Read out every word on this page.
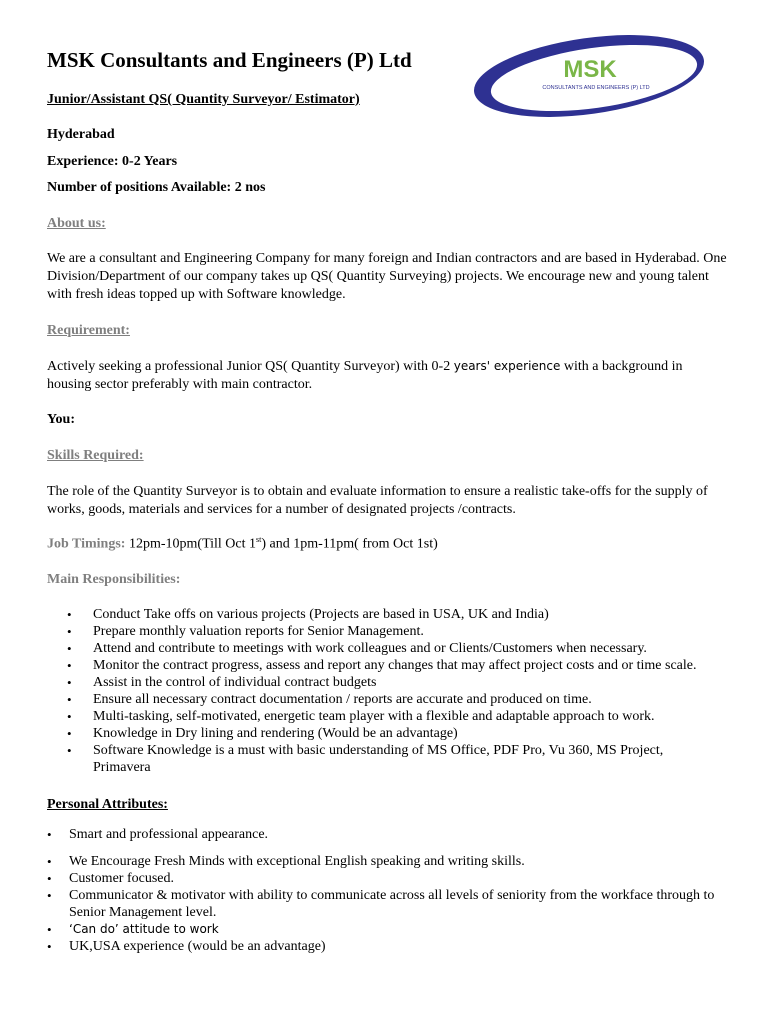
MSK Consultants and Engineers (P) Ltd	MSK
CONSULTANTS AND ENGINEERS (P) LTD

Junior/Assistant QS( Quantity Surveyor/ Estimator)

Hyderabad

Experience: 0-2 Years

Number of positions Available: 2 nos

About us:

We are a consultant and Engineering Company for many foreign and Indian contractors and are based in Hyderabad. One Division/Department of our company takes up QS( Quantity Surveying) projects. We encourage new and young talent with fresh ideas topped up with Software knowledge.

Requirement:

Actively seeking a professional Junior QS( Quantity Surveyor) with 0-2 years' experience with a background in housing sector preferably with main contractor.

You:

Skills Required:

The role of the Quantity Surveyor is to obtain and evaluate information to ensure a realistic take-offs for the supply of works, goods, materials and services for a number of designated projects /contracts.

Job Timings: 12pm-10pm(Till Oct 1st) and 1pm-11pm( from Oct 1st)

Main Responsibilities:

• Conduct Take offs on various projects (Projects are based in USA, UK and India)
• Prepare monthly valuation reports for Senior Management.
• Attend and contribute to meetings with work colleagues and or Clients/Customers when necessary.
• Monitor the contract progress, assess and report any changes that may affect project costs and or time scale.
• Assist in the control of individual contract budgets
• Ensure all necessary contract documentation / reports are accurate and produced on time.
• Multi-tasking, self-motivated, energetic team player with a flexible and adaptable approach to work.
• Knowledge in Dry lining and rendering (Would be an advantage)
• Software Knowledge is a must with basic understanding of MS Office, PDF Pro, Vu 360, MS Project, Primavera

Personal Attributes:

• Smart and professional appearance.
• We Encourage Fresh Minds with exceptional English speaking and writing skills.
• Customer focused.
• Communicator & motivator with ability to communicate across all levels of seniority from the workface through to Senior Management level.
• ‘Can do’ attitude to work
• UK,USA experience (would be an advantage)
